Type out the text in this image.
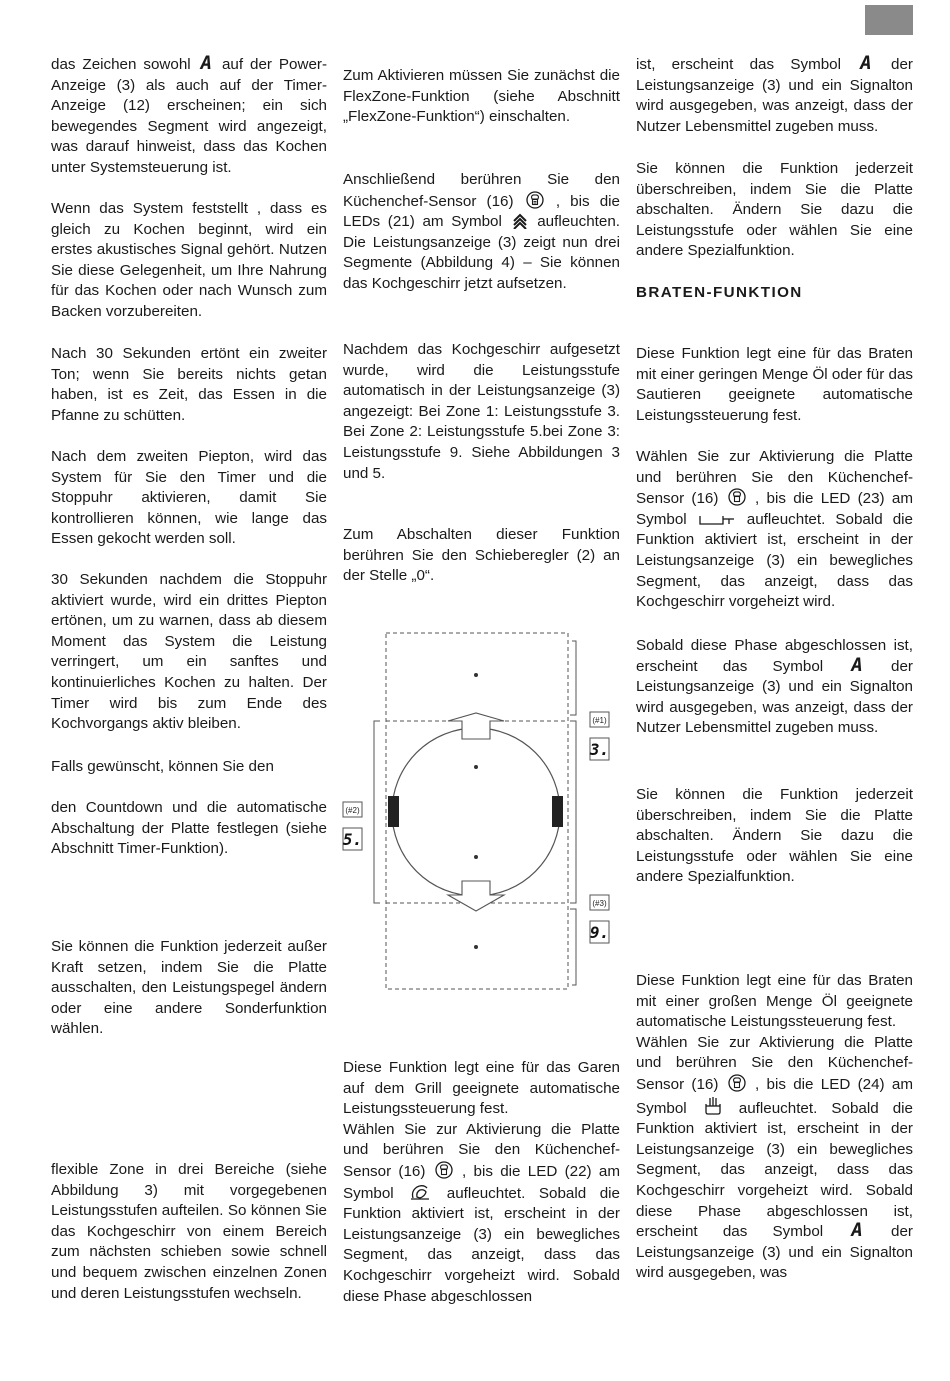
das Zeichen sowohl A auf der Power-Anzeige (3) als auch auf der Timer-Anzeige (12) erscheinen; ein sich bewegendes Segment wird angezeigt, was darauf hinweist, dass das Kochen unter Systemsteuerung ist.

Wenn das System feststellt , dass es gleich zu Kochen beginnt, wird ein erstes akustisches Signal gehört. Nutzen Sie diese Gelegenheit, um Ihre Nahrung für das Kochen oder nach Wunsch zum Backen vorzubereiten.

Nach 30 Sekunden ertönt ein zweiter Ton; wenn Sie bereits nichts getan haben, ist es Zeit, das Essen in die Pfanne zu schütten.

Nach dem zweiten Piepton, wird das System für Sie den Timer und die Stoppuhr aktivieren, damit Sie kontrollieren können, wie lange das Essen gekocht werden soll.

30 Sekunden nachdem die Stoppuhr aktiviert wurde, wird ein drittes Piepton ertönen, um zu warnen, dass ab diesem Moment das System die Leistung verringert, um ein sanftes und kontinuierliches Kochen zu halten. Der Timer wird bis zum Ende des Kochvorgangs aktiv bleiben.

Falls gewünscht, können Sie den

den Countdown und die automatische Abschaltung der Platte festlegen (siehe Abschnitt Timer-Funktion).

Sie können die Funktion jederzeit außer Kraft setzen, indem Sie die Platte ausschalten, den Leistungspegel ändern oder eine andere Sonderfunktion wählen.

flexible Zone in drei Bereiche (siehe Abbildung 3) mit vorgegebenen Leistungsstufen aufteilen. So können Sie das Kochgeschirr von einem Bereich zum nächsten schieben sowie schnell und bequem zwischen einzelnen Zonen und deren Leistungsstufen wechseln.

Zum Aktivieren müssen Sie zunächst die FlexZone-Funktion (siehe Abschnitt „FlexZone-Funktion“) einschalten.

Anschließend berühren Sie den Küchenchef-Sensor (16)	, bis die LEDs (21) am Symbol aufleuchten. Die Leistungsanzeige (3) zeigt nun drei Segmente (Abbildung 4) – Sie können das Kochgeschirr jetzt aufsetzen.

Nachdem das Kochgeschirr aufgesetzt wurde, wird die Leistungsstufe automatisch in der Leistungsanzeige (3) angezeigt: Bei Zone 1: Leistungsstufe 3. Bei Zone 2: Leistungsstufe 5.bei Zone 3: Leistungsstufe 9. Siehe Abbildungen 3 und 5.

Zum Abschalten dieser Funktion berühren Sie den Schieberegler (2) an der Stelle „0“.

Diese Funktion legt eine für das Garen auf dem Grill geeignete automatische Leistungssteuerung fest.
Wählen Sie zur Aktivierung die Platte und berühren Sie den Küchenchef-Sensor (16) , bis die LED (22) am Symbol	aufleuchtet. Sobald die Funktion aktiviert ist, erscheint in der Leistungsanzeige (3) ein bewegliches Segment, das anzeigt, dass das Kochgeschirr vorgeheizt wird. Sobald diese Phase abgeschlossen

ist, erscheint das Symbol A der Leistungsanzeige (3) und ein Signalton wird ausgegeben, was anzeigt, dass der Nutzer Lebensmittel zugeben muss.

Sie können die Funktion jederzeit überschreiben, indem Sie die Platte abschalten. Ändern Sie dazu die Leistungsstufe oder wählen Sie eine andere Spezialfunktion.

BRATEN-FUNKTION

Diese Funktion legt eine für das Braten mit einer geringen Menge Öl oder für das Sautieren geeignete automatische Leistungssteuerung fest.

Wählen Sie zur Aktivierung die Platte und berühren Sie den Küchenchef-Sensor (16) , bis die LED (23) am Symbol	aufleuchtet. Sobald die Funktion aktiviert ist, erscheint in der Leistungsanzeige (3) ein bewegliches Segment, das anzeigt, dass das Kochgeschirr vorgeheizt wird.

Sobald diese Phase abgeschlossen ist, erscheint das Symbol A der Leistungsanzeige (3) und ein Signalton wird ausgegeben, was anzeigt, dass der Nutzer Lebensmittel zugeben muss.

Sie können die Funktion jederzeit überschreiben, indem Sie die Platte abschalten. Ändern Sie dazu die Leistungsstufe oder wählen Sie eine andere Spezialfunktion.

Diese Funktion legt eine für das Braten mit einer großen Menge Öl geeignete automatische Leistungssteuerung fest.
Wählen Sie zur Aktivierung die Platte und berühren Sie den Küchenchef-Sensor (16) , bis die LED (24) am Symbol	aufleuchtet. Sobald die Funktion aktiviert ist, erscheint in der Leistungsanzeige (3) ein bewegliches Segment, das anzeigt, dass das Kochgeschirr vorgeheizt wird. Sobald diese Phase abgeschlossen ist, erscheint das Symbol A der Leistungsanzeige (3) und ein Signalton wird ausgegeben, was

(#1)
3.
(#2)
5.
(#3)
9.
